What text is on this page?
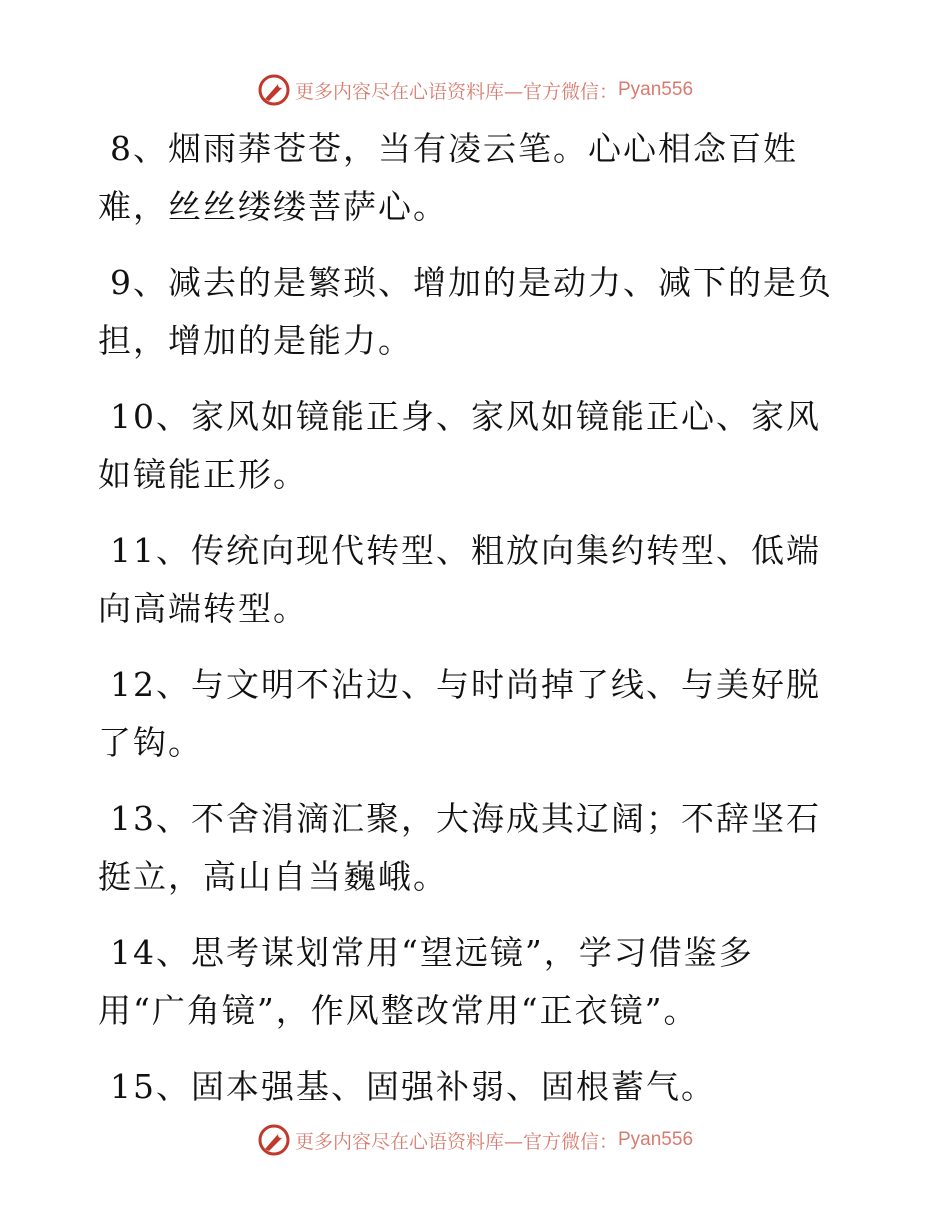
更多内容尽在心语资料库—官方微信： Pyan556
8、烟雨莽苍苍，当有凌云笔。心心相念百姓难，丝丝缕缕菩萨心。
9、减去的是繁琐、增加的是动力、减下的是负担，增加的是能力。
10、家风如镜能正身、家风如镜能正心、家风如镜能正形。
11、传统向现代转型、粗放向集约转型、低端向高端转型。
12、与文明不沾边、与时尚掉了线、与美好脱了钩。
13、不舍涓滴汇聚，大海成其辽阔；不辞坚石挺立，高山自当巍峨。
14、思考谋划常用“望远镜”，学习借鉴多用“广角镜”，作风整改常用“正衣镜”。
15、固本强基、固强补弱、固根蓄气。
更多内容尽在心语资料库—官方微信： Pyan556
